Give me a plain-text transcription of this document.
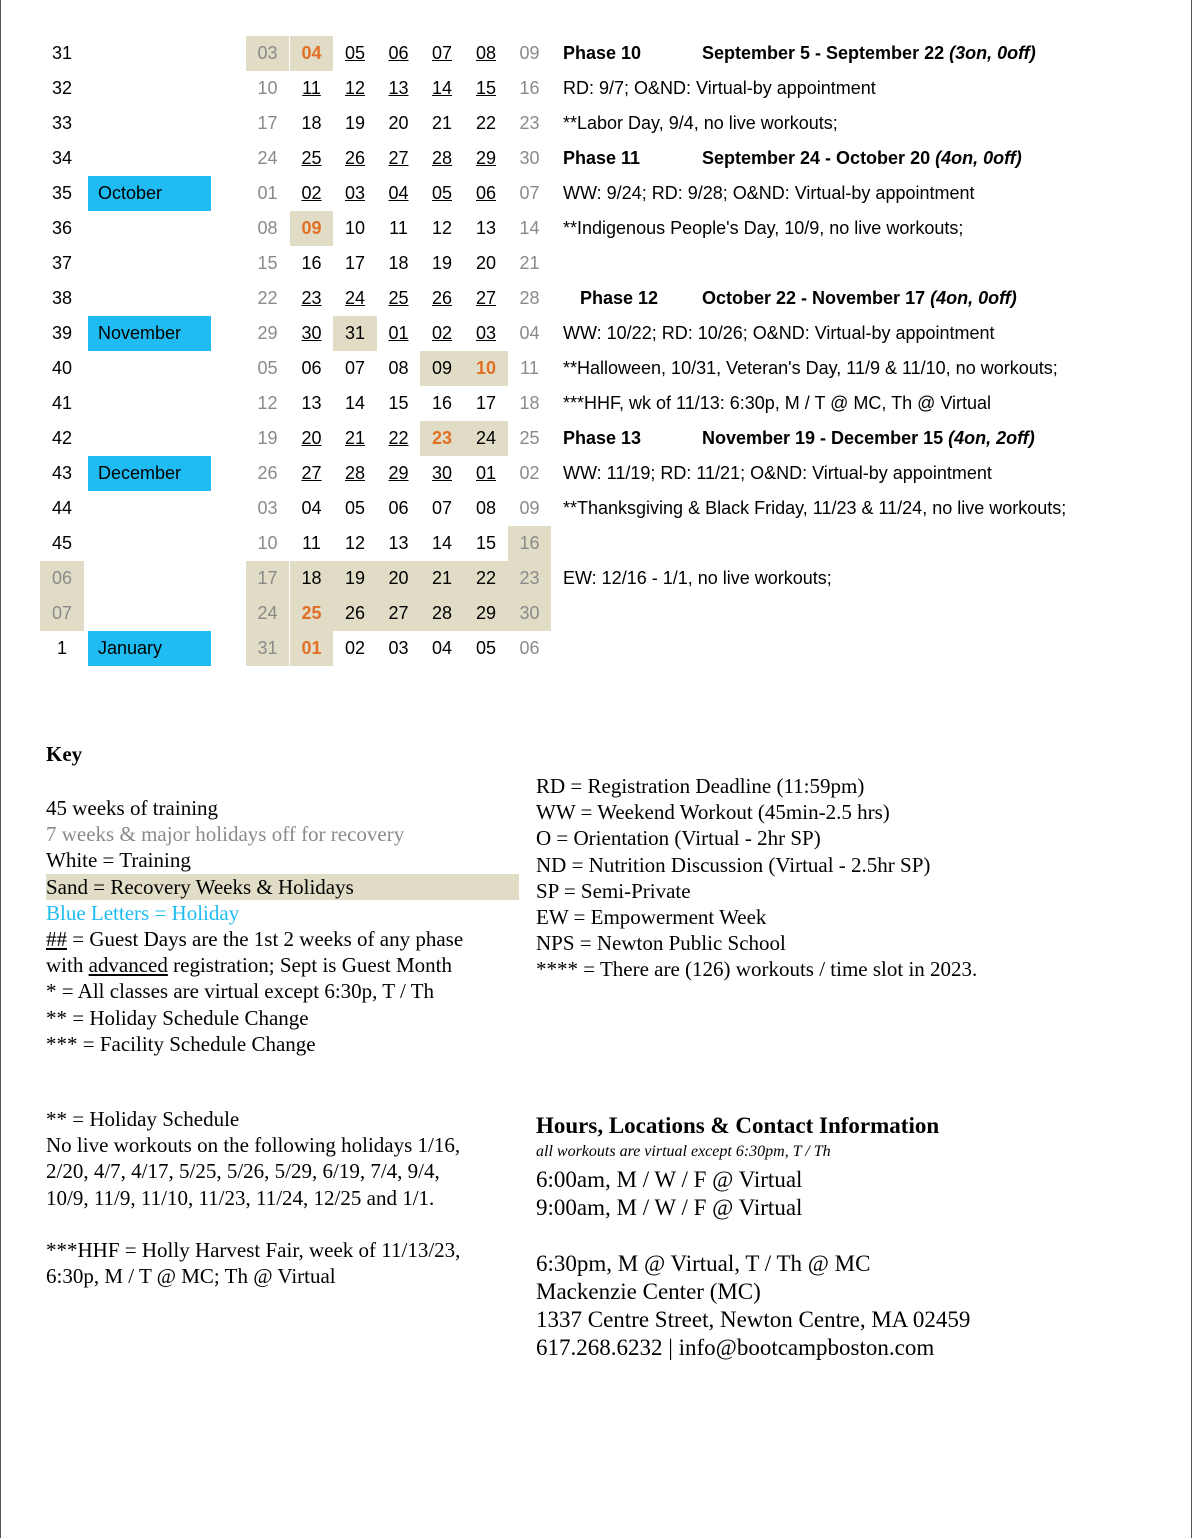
31	03	04	05	06	07	08	09	Phase 10	September 5 - September 22 (3on, 0off)
32	10	11	12	13	14	15	16	RD: 9/7; O&ND: Virtual-by appointment
33	17	18	19	20	21	22	23	**Labor Day, 9/4, no live workouts;
34	24	25	26	27	28	29	30	Phase 11	September 24 - October 20 (4on, 0off)
35	October	01	02	03	04	05	06	07	WW: 9/24; RD: 9/28; O&ND: Virtual-by appointment
36	08	09	10	11	12	13	14	**Indigenous People's Day, 10/9, no live workouts;
37	15	16	17	18	19	20	21
38	22	23	24	25	26	27	28	Phase 12 October 22 - November 17 (4on, 0off)
39	November	29	30	31	01	02	03	04	WW: 10/22; RD: 10/26; O&ND: Virtual-by appointment
40	05	06	07	08	09	10	11	**Halloween, 10/31, Veteran's Day, 11/9 & 11/10, no workouts;
41	12	13	14	15	16	17	18	***HHF, wk of 11/13: 6:30p, M / T @ MC, Th @ Virtual
42	19	20	21	22	23	24	25	Phase 13	November 19 - December 15 (4on, 2off)
43	December	26	27	28	29	30	01	02	WW: 11/19; RD: 11/21; O&ND: Virtual-by appointment
44	03	04	05	06	07	08	09	**Thanksgiving & Black Friday, 11/23 & 11/24, no live workouts;
45	10	11	12	13	14	15	16
06	17	18	19	20	21	22	23	EW: 12/16 - 1/1, no live workouts;
07	24	25	26	27	28	29	30
1	January	31	01	02	03	04	05	06
Key
45 weeks of training
7 weeks & major holidays off for recovery
White = Training
Sand = Recovery Weeks & Holidays
Blue Letters = Holiday
## = Guest Days are the 1st 2 weeks of any phase
with advanced registration; Sept is Guest Month
* = All classes are virtual except 6:30p, T / Th
** = Holiday Schedule Change
*** = Facility Schedule Change
** = Holiday Schedule
No live workouts on the following holidays 1/16,
2/20, 4/7, 4/17, 5/25, 5/26, 5/29, 6/19, 7/4, 9/4,
10/9, 11/9, 11/10, 11/23, 11/24, 12/25 and 1/1.
***HHF = Holly Harvest Fair, week of 11/13/23,
6:30p, M / T @ MC; Th @ Virtual
RD = Registration Deadline (11:59pm)
WW = Weekend Workout (45min-2.5 hrs)
O = Orientation (Virtual - 2hr SP)
ND = Nutrition Discussion (Virtual - 2.5hr SP)
SP = Semi-Private
EW = Empowerment Week
NPS = Newton Public School
**** = There are (126) workouts / time slot in 2023.
Hours, Locations & Contact Information
all workouts are virtual except 6:30pm, T / Th
6:00am, M / W / F @ Virtual
9:00am, M / W / F @ Virtual
6:30pm, M @ Virtual, T / Th @ MC
Mackenzie Center (MC)
1337 Centre Street, Newton Centre, MA 02459
617.268.6232 | info@bootcampboston.com
